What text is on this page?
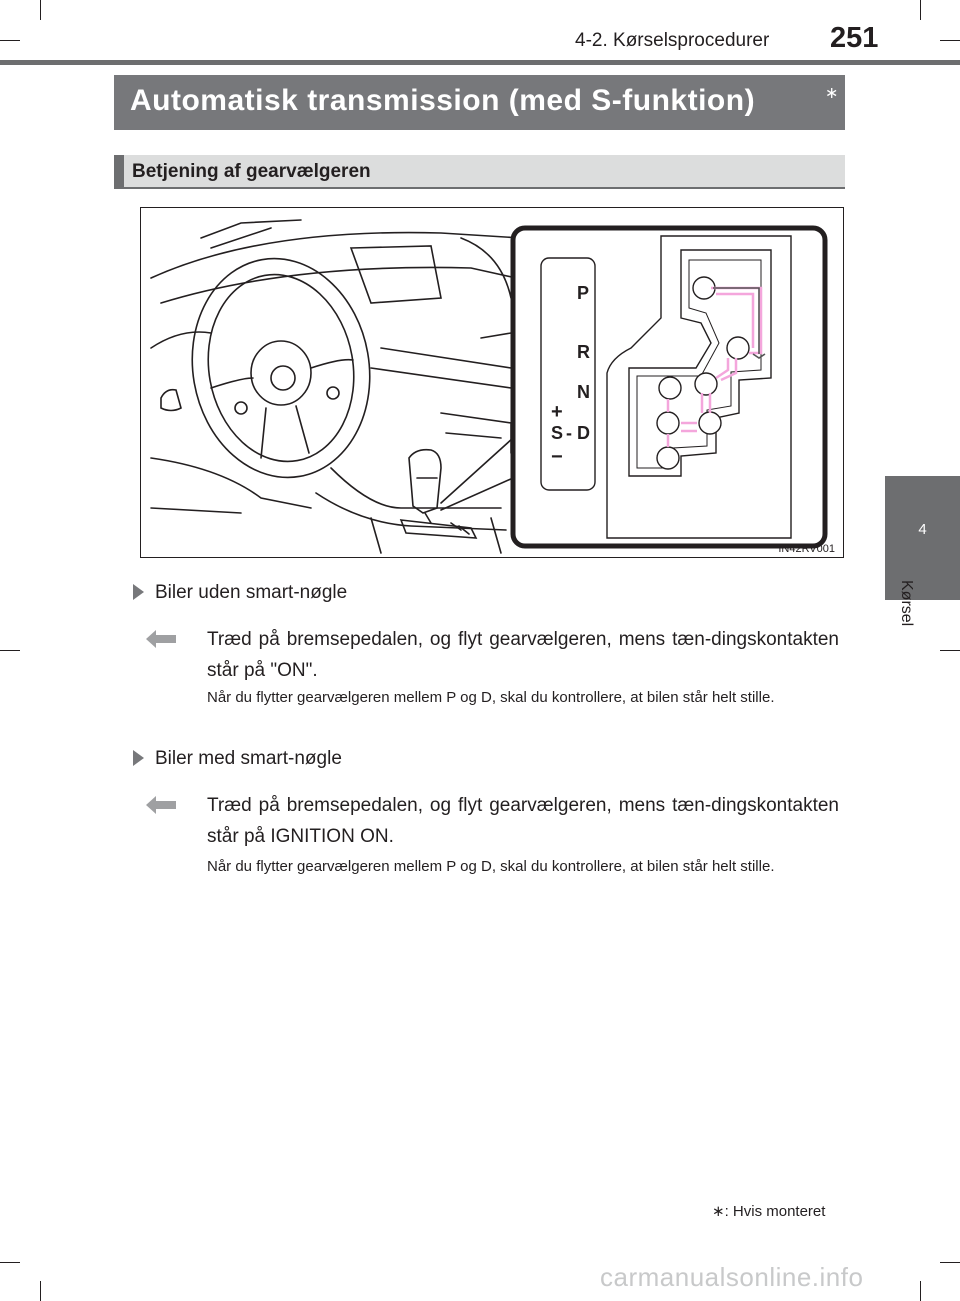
4-2. Kørselsprocedurer 251
4
Kørsel
Automatisk transmission (med S-funktion)	∗
Betjening af gearvælgeren
P
R
N
+
S - D
−
IN42RV001
Biler uden smart-nøgle
Træd på bremsepedalen, og flyt gearvælgeren, mens tæn-dingskontakten står på "ON".
Når du flytter gearvælgeren mellem P og D, skal du kontrollere, at bilen står helt stille.
Biler med smart-nøgle
Træd på bremsepedalen, og flyt gearvælgeren, mens tæn-dingskontakten står på IGNITION ON.
Når du flytter gearvælgeren mellem P og D, skal du kontrollere, at bilen står helt stille.
∗: Hvis monteret
carmanualsonline.info
